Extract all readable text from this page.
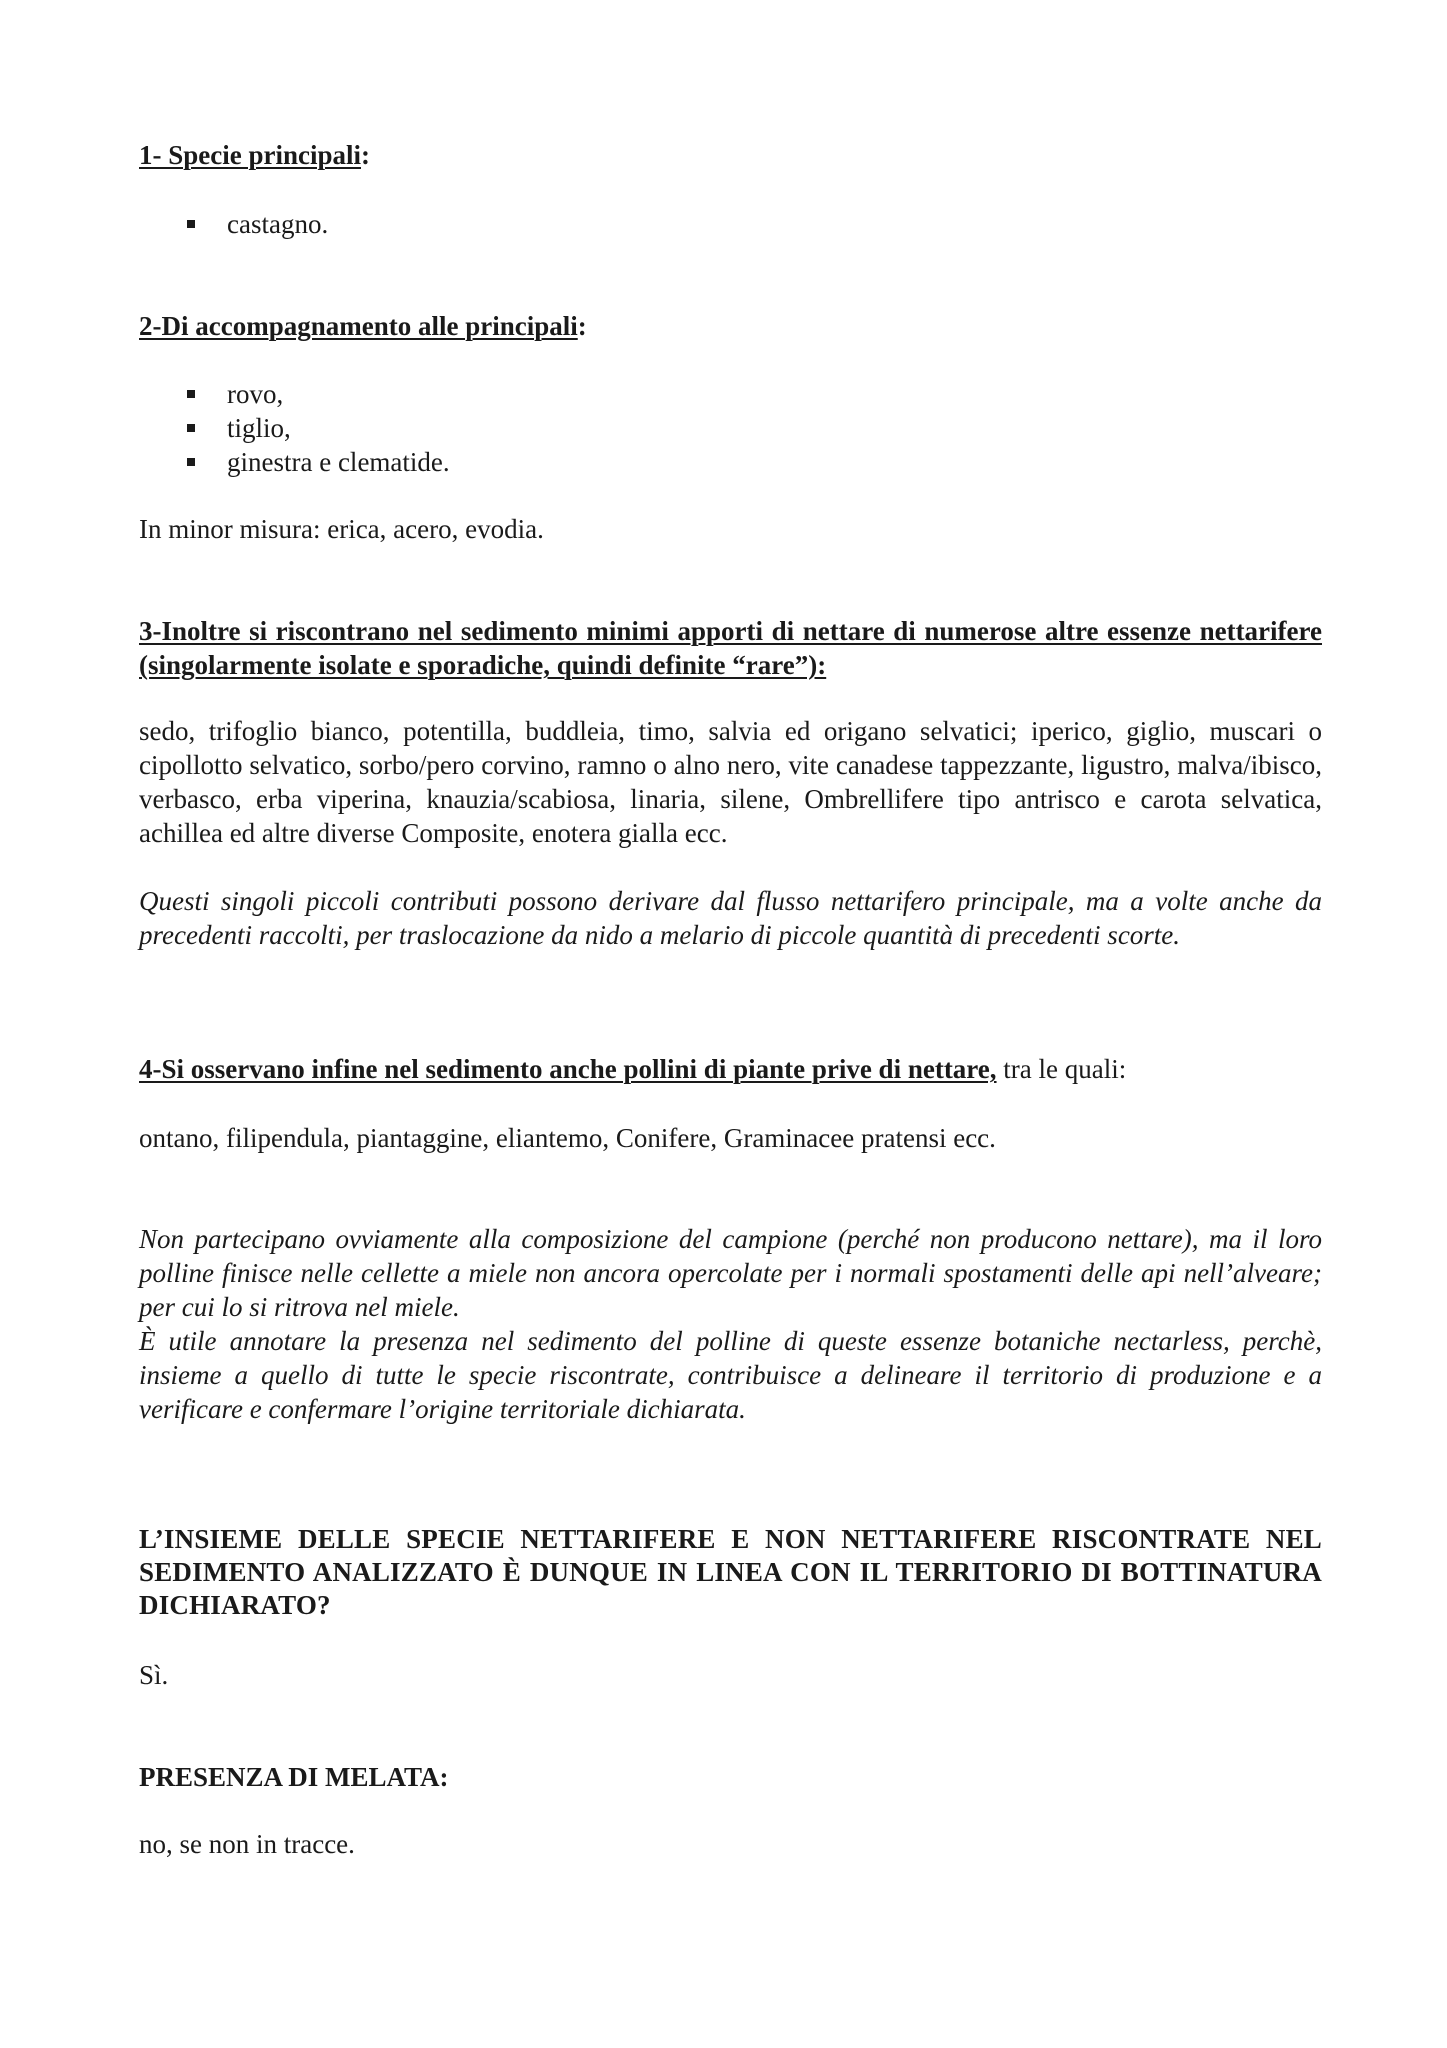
1- Specie principali:

castagno.

2-Di accompagnamento alle principali:

rovo,
tiglio,
ginestra e clematide.

In minor misura: erica, acero, evodia.

3-Inoltre si riscontrano nel sedimento minimi apporti di nettare di numerose altre essenze nettarifere (singolarmente isolate e sporadiche, quindi definite “rare”):

sedo, trifoglio bianco, potentilla, buddleia, timo, salvia ed origano selvatici; iperico, giglio, muscari o cipollotto selvatico, sorbo/pero corvino, ramno o alno nero, vite canadese tappezzante, ligustro, malva/ibisco, verbasco, erba viperina, knauzia/scabiosa, linaria, silene, Ombrellifere tipo antrisco e carota selvatica, achillea ed altre diverse Composite, enotera gialla ecc.

Questi singoli piccoli contributi possono derivare dal flusso nettarifero principale, ma a volte anche da precedenti raccolti, per traslocazione da nido a melario di piccole quantità di precedenti scorte.

4-Si osservano infine nel sedimento anche pollini di piante prive di nettare, tra le quali:

ontano, filipendula, piantaggine, eliantemo, Conifere, Graminacee pratensi ecc.

Non partecipano ovviamente alla composizione del campione (perché non producono nettare), ma il loro polline finisce nelle cellette a miele non ancora opercolate per i normali spostamenti delle api nell’alveare; per cui lo si ritrova nel miele.

È utile annotare la presenza nel sedimento del polline di queste essenze botaniche nectarless, perchè, insieme a quello di tutte le specie riscontrate, contribuisce a delineare il territorio di produzione e a verificare e confermare l’origine territoriale dichiarata.

L’INSIEME DELLE SPECIE NETTARIFERE E NON NETTARIFERE RISCONTRATE NEL SEDIMENTO ANALIZZATO È DUNQUE IN LINEA CON IL TERRITORIO DI BOTTINATURA DICHIARATO?

Sì.

PRESENZA DI MELATA:

no, se non in tracce.
